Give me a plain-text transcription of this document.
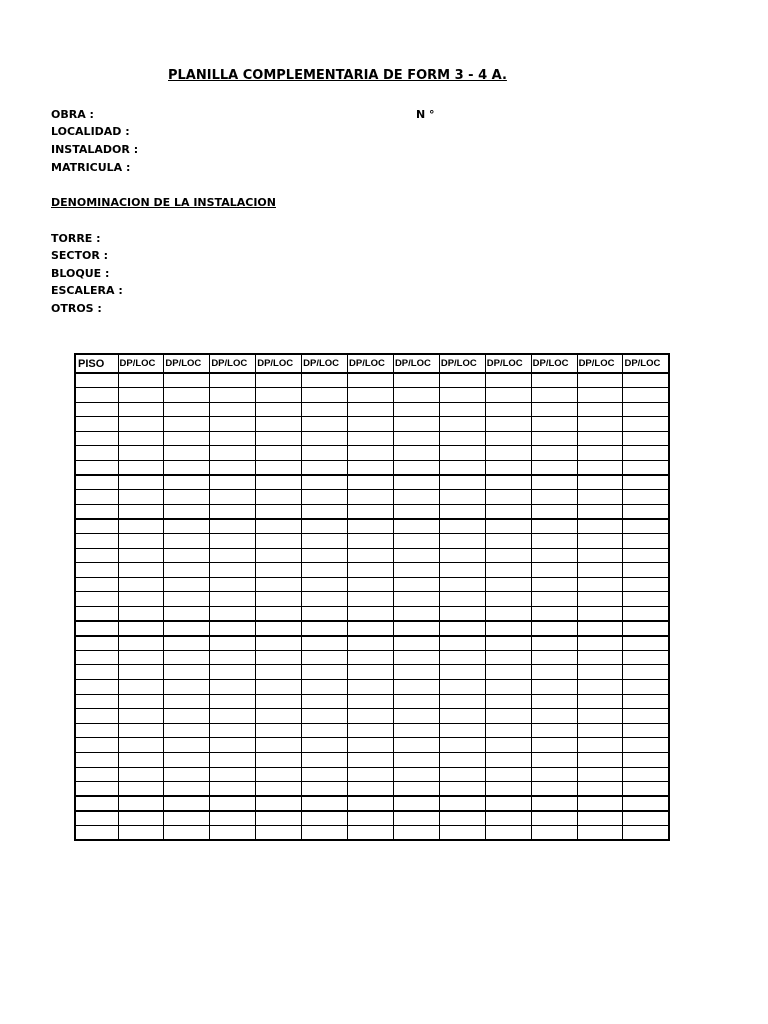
PLANILLA COMPLEMENTARIA DE FORM 3 - 4 A.
OBRA :	N °
LOCALIDAD :
INSTALADOR :
MATRICULA :
DENOMINACION DE LA INSTALACION
TORRE :
SECTOR :
BLOQUE :
ESCALERA :
OTROS :
PISO	DP/LOC	DP/LOC	DP/LOC	DP/LOC	DP/LOC	DP/LOC	DP/LOC	DP/LOC	DP/LOC	DP/LOC	DP/LOC	DP/LOC
